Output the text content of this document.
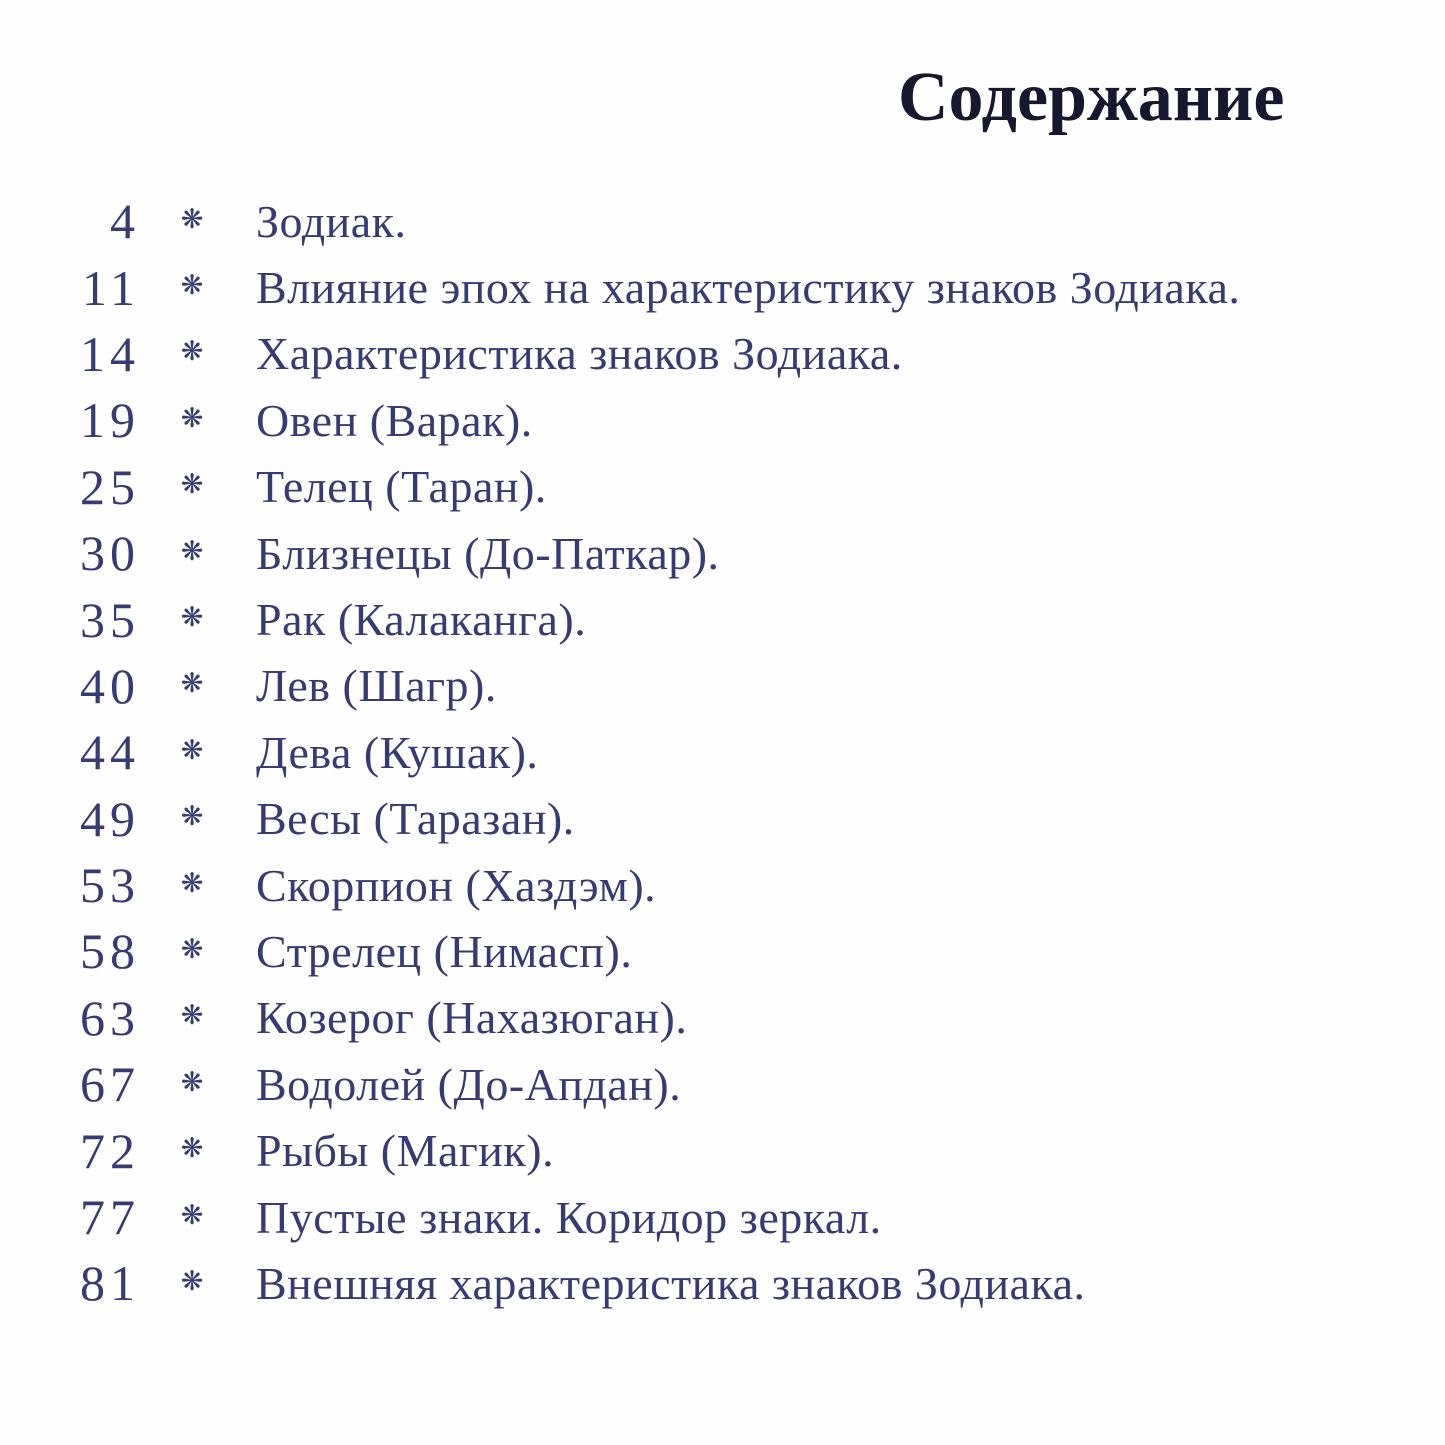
Содержание
4	❋	Зодиак.
11	❋	Влияние эпох на характеристику знаков Зодиака.
14	❋	Характеристика знаков Зодиака.
19	❋	Овен (Варак).
25	❋	Телец (Таран).
30	❋	Близнецы (До-Паткар).
35	❋	Рак (Калаканга).
40	❋	Лев (Шагр).
44	❋	Дева (Кушак).
49	❋	Весы (Таразан).
53	❋	Скорпион (Хаздэм).
58	❋	Стрелец (Нимасп).
63	❋	Козерог (Нахазюган).
67	❋	Водолей (До-Апдан).
72	❋	Рыбы (Магик).
77	❋	Пустые знаки. Коридор зеркал.
81	❋	Внешняя характеристика знаков Зодиака.
